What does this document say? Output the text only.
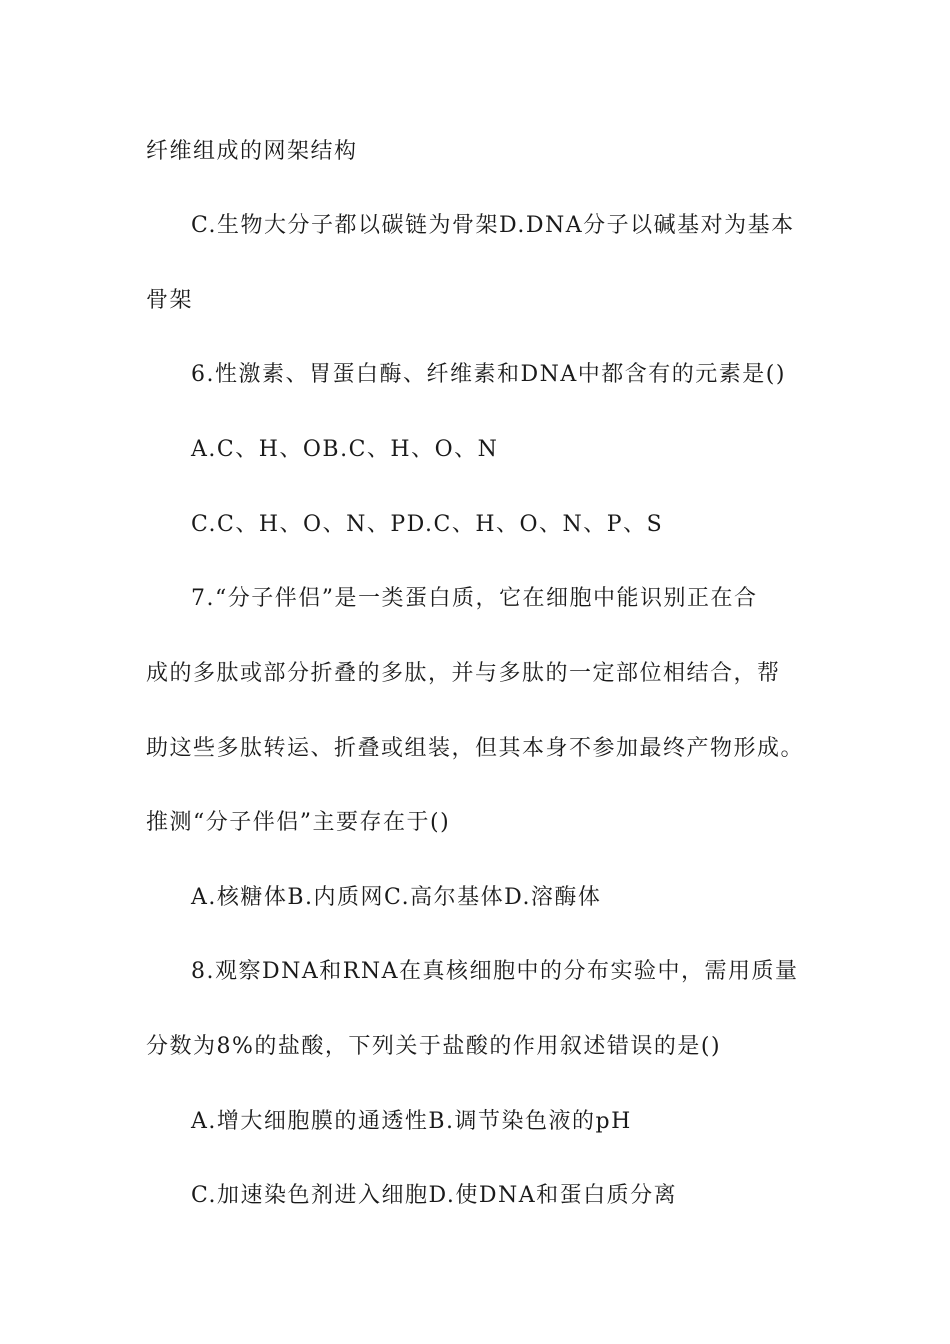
纤维组成的网架结构
C.生物大分子都以碳链为骨架D.DNA分子以碱基对为基本
骨架
6.性激素、胃蛋白酶、纤维素和DNA中都含有的元素是()
A.C、H、OB.C、H、O、N
C.C、H、O、N、PD.C、H、O、N、P、S
7.“分子伴侣”是一类蛋白质，它在细胞中能识别正在合
成的多肽或部分折叠的多肽，并与多肽的一定部位相结合，帮
助这些多肽转运、折叠或组装，但其本身不参加最终产物形成。
推测“分子伴侣”主要存在于()
A.核糖体B.内质网C.高尔基体D.溶酶体
8.观察DNA和RNA在真核细胞中的分布实验中，需用质量
分数为8%的盐酸，下列关于盐酸的作用叙述错误的是()
A.增大细胞膜的通透性B.调节染色液的pH
C.加速染色剂进入细胞D.使DNA和蛋白质分离
